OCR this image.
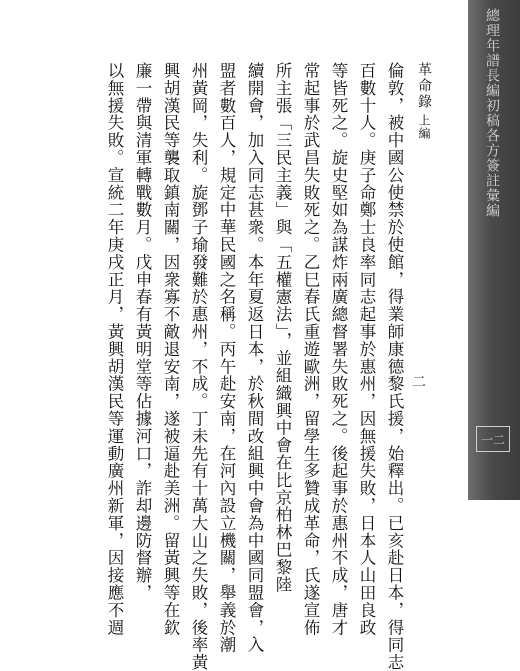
總理年譜長編初稿各方簽註彙編
一二
革命錄上編
二
倫敦，被中國公使禁於使館，得業師康德黎氏援，始釋出。已亥赴日本，得同志
百數十人。庚子命鄭士良率同志起事於惠州，因無援失敗，日本人山田良政
等皆死之。旋史堅如為謀炸兩廣總督署失敗死之。後起事於惠州不成，唐才
常起事於武昌失敗死之。乙巳春氏重遊歐洲，留學生多贊成革命，氏遂宣佈
所主張「三民主義」與「五權憲法」，並組織興中會在比京柏林巴黎陸
續開會，加入同志甚衆。本年夏返日本，於秋間改組興中會為中國同盟會，入
盟者數百人，規定中華民國之名稱。丙午赴安南，在河內設立機關，舉義於潮
州黃岡，失利。旋鄧子瑜發難於惠州，不成。丁未先有十萬大山之失敗，後率黃
興胡漢民等襲取鎮南關，因衆寡不敵退安南，遂被逼赴美洲。留黃興等在欽
廉一帶與清軍轉戰數月。戊申春有黃明堂等佔據河口，詐却邊防督辦，
以無援失敗。宣統二年庚戌正月，黃興胡漢民等運動廣州新軍，因接應不週
